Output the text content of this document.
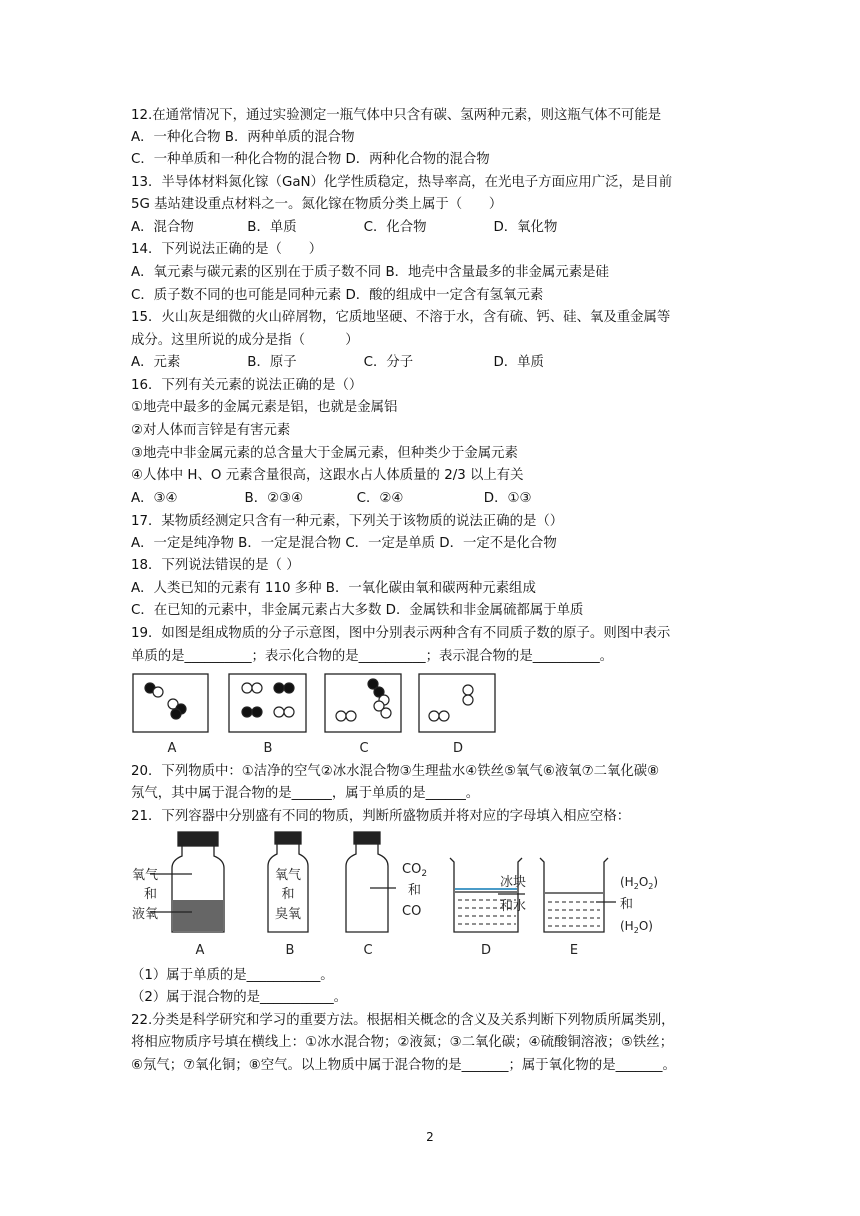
12.在通常情况下，通过实验测定一瓶气体中只含有碳、氢两种元素，则这瓶气体不可能是
A．一种化合物 B．两种单质的混合物
C．一种单质和一种化合物的混合物 D．两种化合物的混合物
13．半导体材料氮化镓（GaN）化学性质稳定，热导率高，在光电子方面应用广泛，是目前
5G 基站建设重点材料之一。氮化镓在物质分类上属于（　　）
A．混合物　　　　B．单质　　　　　C．化合物　　　　　D．氧化物
14．下列说法正确的是（　　）
A．氧元素与碳元素的区别在于质子数不同 B．地壳中含量最多的非金属元素是硅
C．质子数不同的也可能是同种元素 D．酸的组成中一定含有氢氧元素
15．火山灰是细微的火山碎屑物，它质地坚硬、不溶于水，含有硫、钙、硅、氧及重金属等
成分。这里所说的成分是指（　　　）
A．元素　　　　　B．原子　　　　　C．分子　　　　　　D．单质
16．下列有关元素的说法正确的是（）
①地壳中最多的金属元素是铝，也就是金属铝
②对人体而言锌是有害元素
③地壳中非金属元素的总含量大于金属元素，但种类少于金属元素
④人体中 H、O 元素含量很高，这跟水占人体质量的 2/3 以上有关
A．③④　　　　　B．②③④　　　　C．②④　　　　　　D．①③
17．某物质经测定只含有一种元素，下列关于该物质的说法正确的是（）
A．一定是纯净物 B．一定是混合物 C．一定是单质 D．一定不是化合物
18．下列说法错误的是（ ）
A．人类已知的元素有 110 多种 B．一氧化碳由氧和碳两种元素组成
C．在已知的元素中，非金属元素占大多数 D．金属铁和非金属硫都属于单质
19．如图是组成物质的分子示意图，图中分别表示两种含有不同质子数的原子。则图中表示
单质的是__________；表示化合物的是__________；表示混合物的是__________。
A	B	C	D
20．下列物质中：①洁净的空气②冰水混合物③生理盐水④铁丝⑤氧气⑥液氧⑦二氧化碳⑧
氖气，其中属于混合物的是______，属于单质的是______。
21．下列容器中分别盛有不同的物质，判断所盛物质并将对应的字母填入相应空格：
氧气
和
液氧
氧气
和
臭氧
$CO_2$
和
CO
冰块
和水
$(H_2O_2)$
和
$(H_2O)$
A	B	C	D	E
（1）属于单质的是___________。
（2）属于混合物的是___________。
22.分类是科学研究和学习的重要方法。根据相关概念的含义及关系判断下列物质所属类别，
将相应物质序号填在横线上：①冰水混合物；②液氮；③二氧化碳；④硫酸铜溶液；⑤铁丝；
⑥氖气；⑦氧化铜；⑧空气。以上物质中属于混合物的是_______；属于氧化物的是_______。
2
